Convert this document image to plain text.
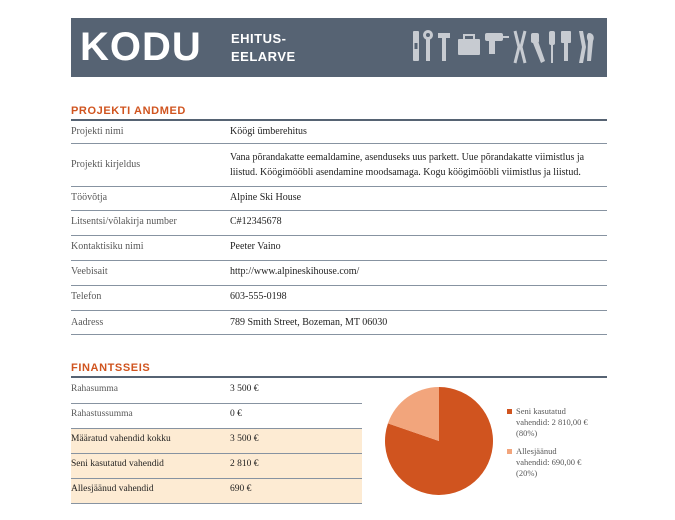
KODU EHITUS-
EELARVE
PROJEKTI ANDMED
Projekti nimi	Köögi ümberehitus
Projekti kirjeldus
Vana põrandakatte eemaldamine, asenduseks uus parkett. Uue põrandakatte viimistlus ja liistud. Köögimööbli asendamine moodsamaga. Kogu köögimööbli viimistlus ja liistud.
Töövõtja	Alpine Ski House
Litsentsi/võlakirja number	C#12345678
Kontaktisiku nimi	Peeter Vaino
Veebisait	http://www.alpineskihouse.com/
Telefon	603-555-0198
Aadress	789 Smith Street, Bozeman, MT 06030
FINANTSSEIS
Rahasumma	3 500 €
Rahastussumma	0 €
Määratud vahendid kokku	3 500 €
Seni kasutatud vahendid	2 810 €
Allesjäänud vahendid	690 €
Seni kasutatud
vahendid: 2 810,00 €
(80%)
Allesjäänud
vahendid: 690,00 €
(20%)
